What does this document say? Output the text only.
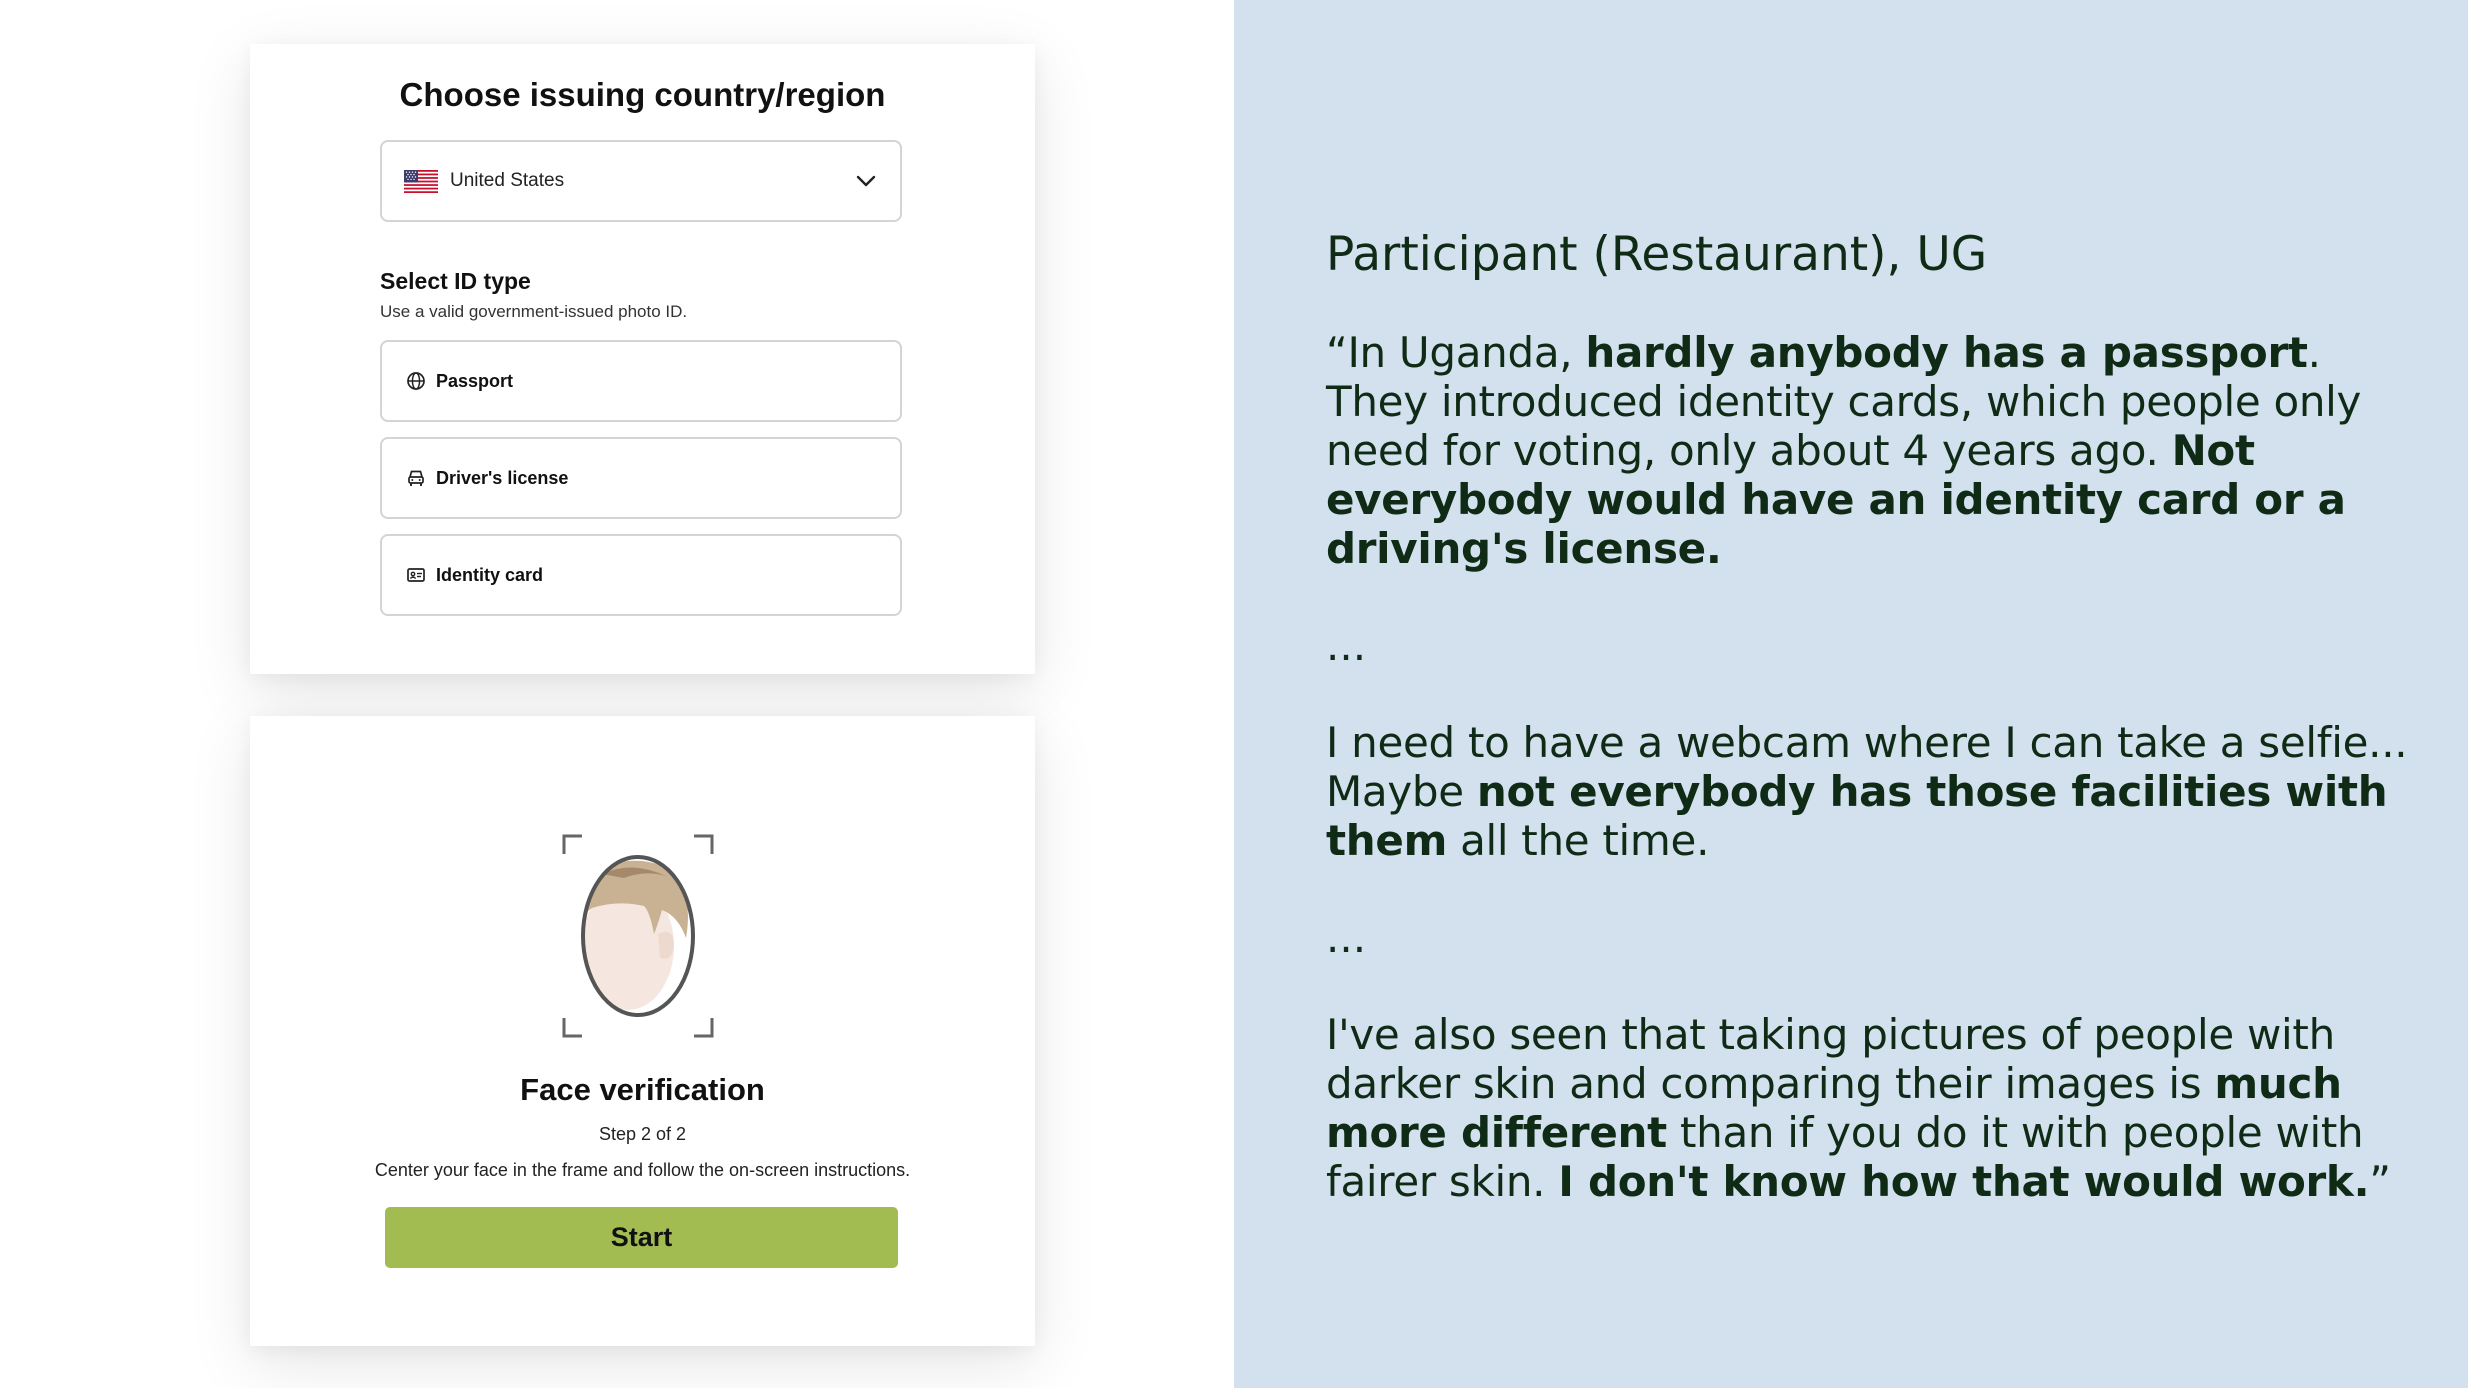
Choose issuing country/region
United States
Select ID type
Use a valid government-issued photo ID.
Passport
Driver's license
Identity card
Face verification
Step 2 of 2
Center your face in the frame and follow the on-screen instructions.
Start

Participant (Restaurant), UG

“In Uganda, hardly anybody has a passport. They introduced identity cards, which people only need for voting, only about 4 years ago. Not everybody would have an identity card or a driving's license.

...

I need to have a webcam where I can take a selfie... Maybe not everybody has those facilities with them all the time.

...

I've also seen that taking pictures of people with darker skin and comparing their images is much more different than if you do it with people with fairer skin. I don't know how that would work.”
